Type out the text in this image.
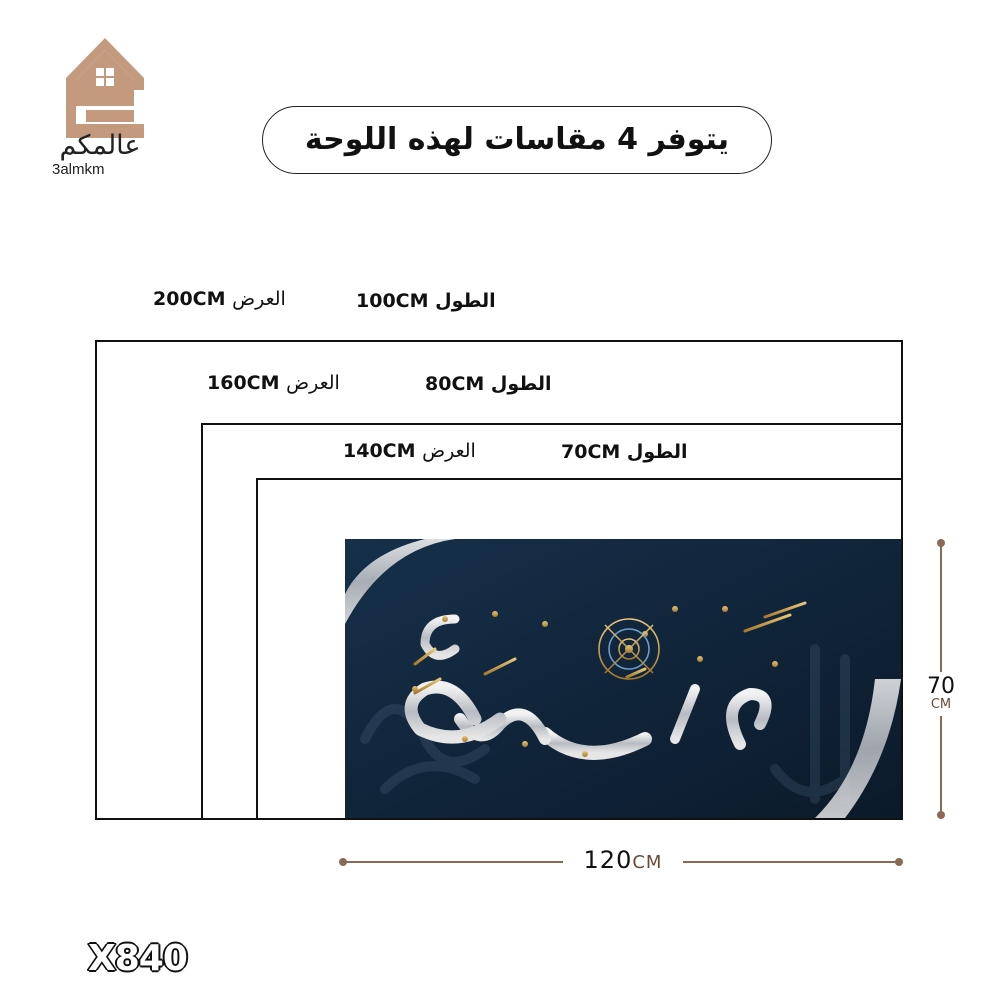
عالمكم
3almkm
يتوفر 4 مقاسات لهذه اللوحة
200CM العرض	100CM الطول
160CM العرض	80CM الطول
140CM العرض	70CM الطول
120CM
70
CM
X840
